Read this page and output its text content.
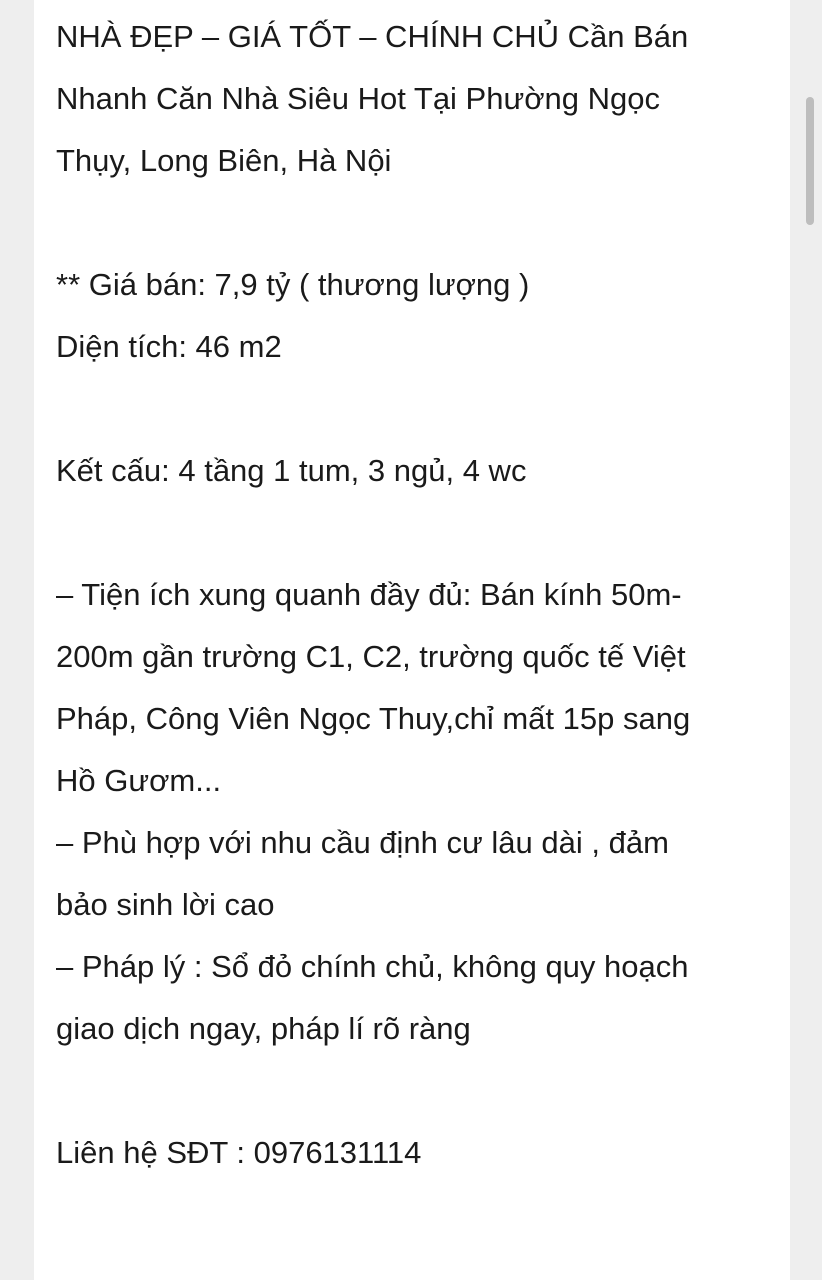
NHÀ ĐẸP – GIÁ TỐT – CHÍNH CHỦ Cần Bán
Nhanh Căn Nhà Siêu Hot Tại Phường Ngọc
Thụy, Long Biên, Hà Nội
** Giá bán: 7,9 tỷ ( thương lượng )
Diện tích: 46 m2
Kết cấu: 4 tầng 1 tum, 3 ngủ, 4 wc
– Tiện ích xung quanh đầy đủ: Bán kính 50m-
200m gần trường C1, C2, trường quốc tế Việt
Pháp, Công Viên Ngọc Thuy,chỉ mất 15p sang
Hồ Gươm...
– Phù hợp với nhu cầu định cư lâu dài , đảm
bảo sinh lời cao
– Pháp lý : Sổ đỏ chính chủ, không quy hoạch
giao dịch ngay, pháp lí rõ ràng
Liên hệ SĐT : 0976131114
